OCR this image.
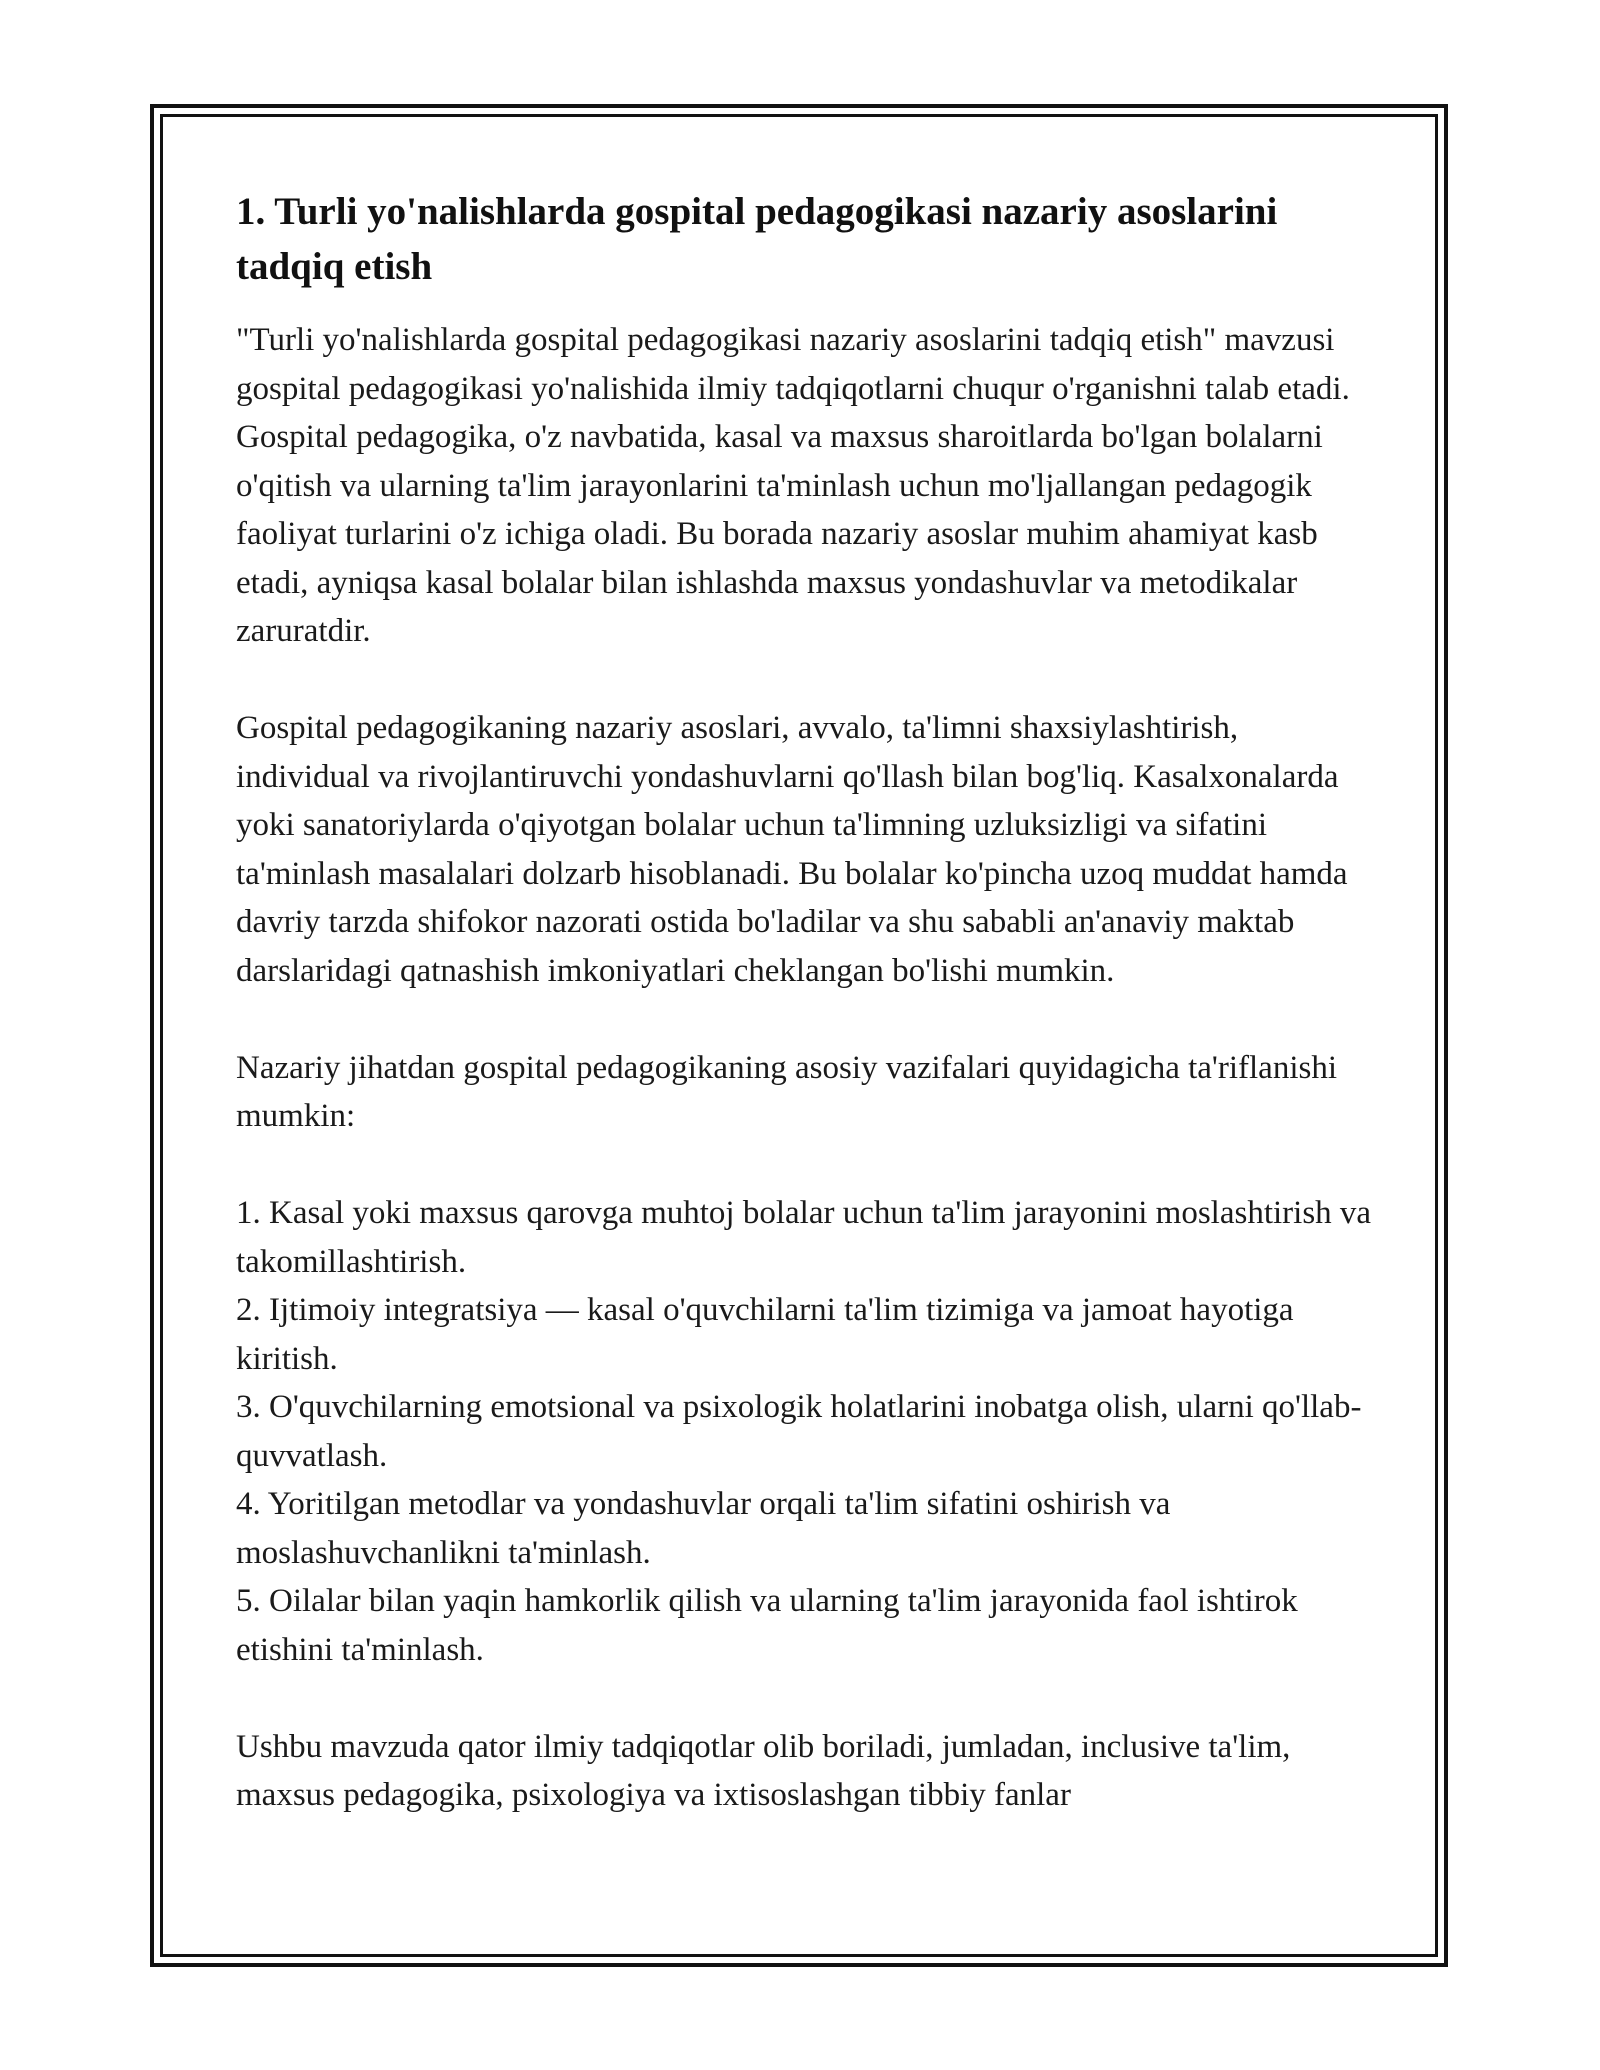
1. Turli yo'nalishlarda gospital pedagogikasi nazariy asoslarini tadqiq etish

"Turli yo'nalishlarda gospital pedagogikasi nazariy asoslarini tadqiq etish" mavzusi gospital pedagogikasi yo'nalishida ilmiy tadqiqotlarni chuqur o'rganishni talab etadi. Gospital pedagogika, o'z navbatida, kasal va maxsus sharoitlarda bo'lgan bolalarni o'qitish va ularning ta'lim jarayonlarini ta'minlash uchun mo'ljallangan pedagogik faoliyat turlarini o'z ichiga oladi. Bu borada nazariy asoslar muhim ahamiyat kasb etadi, ayniqsa kasal bolalar bilan ishlashda maxsus yondashuvlar va metodikalar zaruratdir.

Gospital pedagogikaning nazariy asoslari, avvalo, ta'limni shaxsiylashtirish, individual va rivojlantiruvchi yondashuvlarni qo'llash bilan bog'liq. Kasalxonalarda yoki sanatoriylarda o'qiyotgan bolalar uchun ta'limning uzluksizligi va sifatini ta'minlash masalalari dolzarb hisoblanadi. Bu bolalar ko'pincha uzoq muddat hamda davriy tarzda shifokor nazorati ostida bo'ladilar va shu sababli an'anaviy maktab darslaridagi qatnashish imkoniyatlari cheklangan bo'lishi mumkin.

Nazariy jihatdan gospital pedagogikaning asosiy vazifalari quyidagicha ta'riflanishi mumkin:

1. Kasal yoki maxsus qarovga muhtoj bolalar uchun ta'lim jarayonini moslashtirish va takomillashtirish.

2. Ijtimoiy integratsiya — kasal o'quvchilarni ta'lim tizimiga va jamoat hayotiga kiritish.

3. O'quvchilarning emotsional va psixologik holatlarini inobatga olish, ularni qo'llab-quvvatlash.

4. Yoritilgan metodlar va yondashuvlar orqali ta'lim sifatini oshirish va moslashuvchanlikni ta'minlash.

5. Oilalar bilan yaqin hamkorlik qilish va ularning ta'lim jarayonida faol ishtirok etishini ta'minlash.

Ushbu mavzuda qator ilmiy tadqiqotlar olib boriladi, jumladan, inclusive ta'lim, maxsus pedagogika, psixologiya va ixtisoslashgan tibbiy fanlar
